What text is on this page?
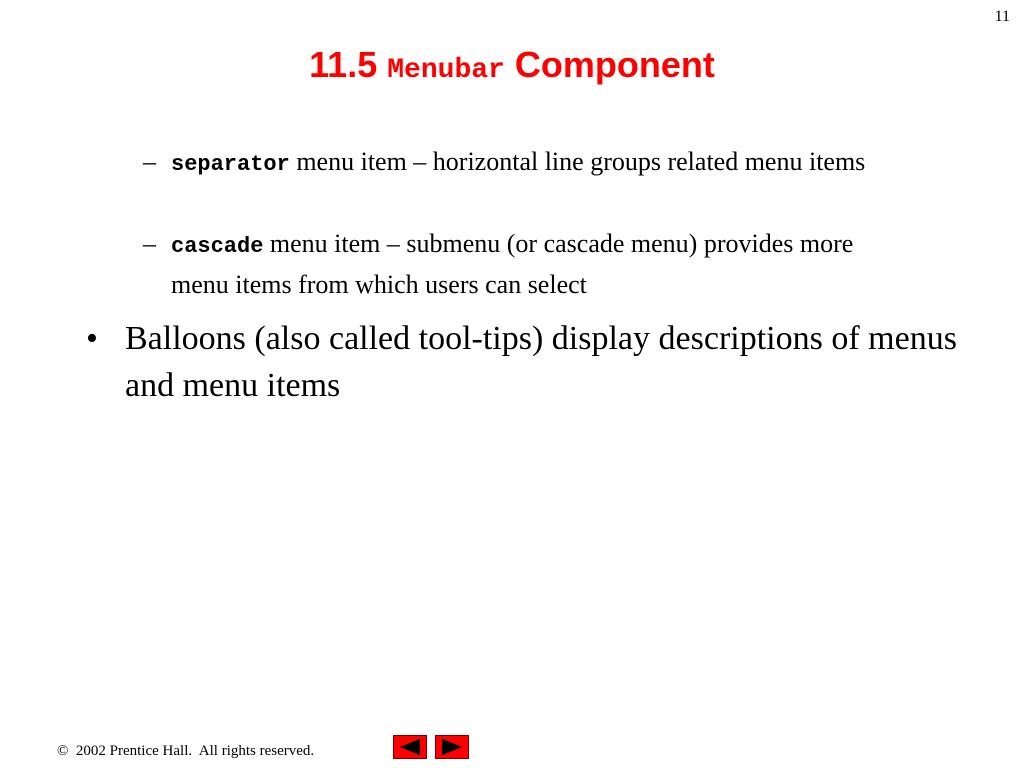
11
11.5 Menubar Component
– separator menu item – horizontal line groups related menu items
– cascade menu item – submenu (or cascade menu) provides more menu items from which users can select
• Balloons (also called tool-tips) display descriptions of menus and menu items
©  2002 Prentice Hall.  All rights reserved.
